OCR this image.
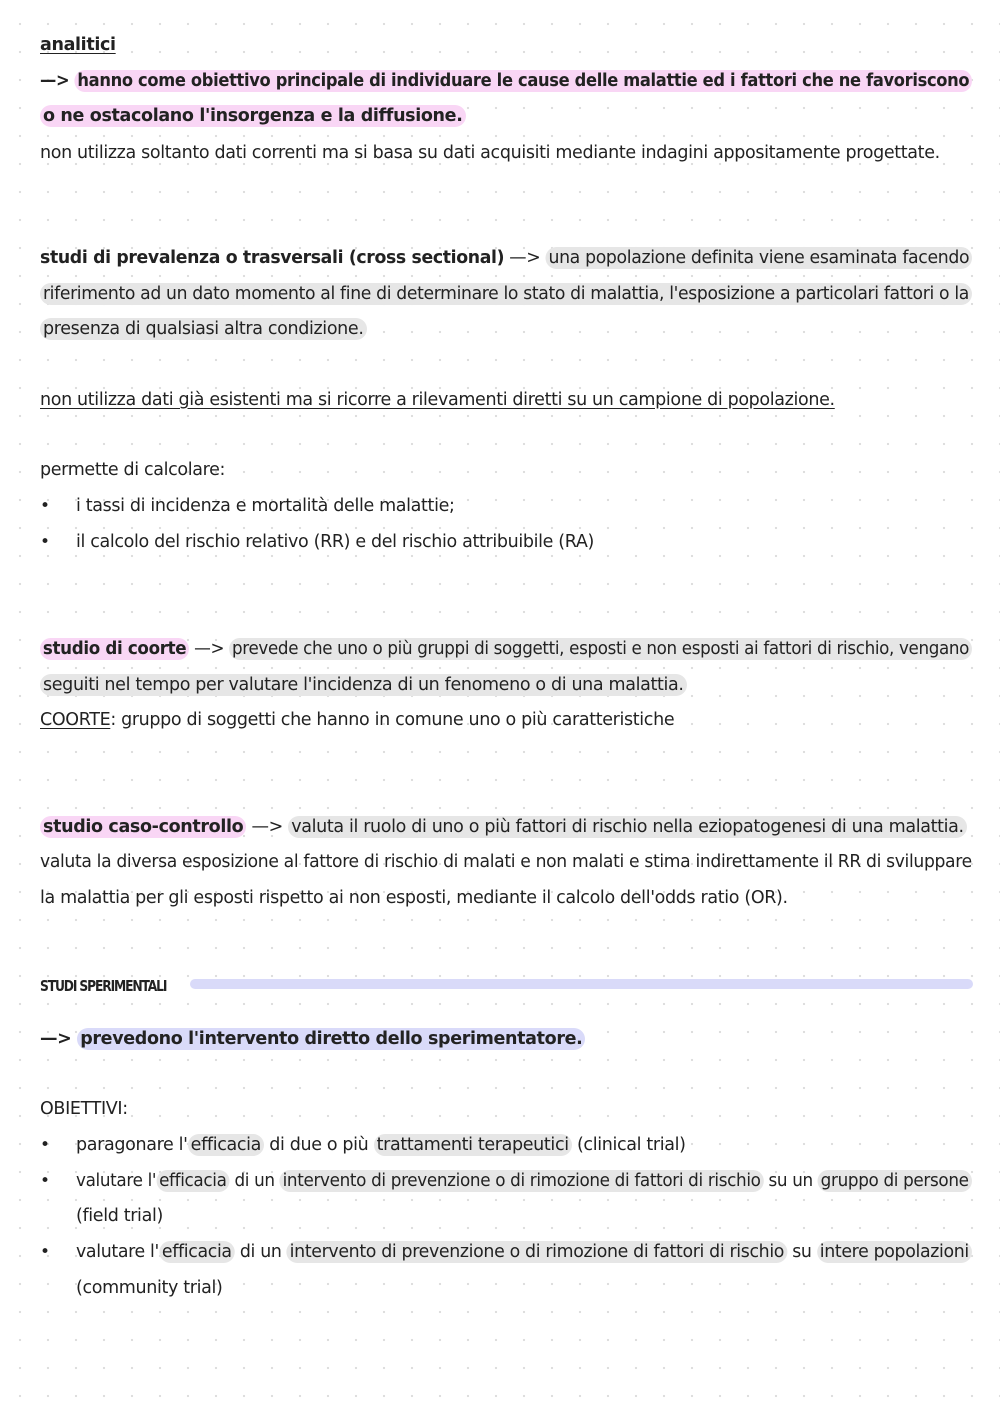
analitici
—> hanno come obiettivo principale di individuare le cause delle malattie ed i fattori che ne favoriscono
o ne ostacolano l'insorgenza e la diffusione.
non utilizza soltanto dati correnti ma si basa su dati acquisiti mediante indagini appositamente progettate.
studi di prevalenza o trasversali (cross sectional) —> una popolazione definita viene esaminata facendo
riferimento ad un dato momento al fine di determinare lo stato di malattia, l'esposizione a particolari fattori o la
presenza di qualsiasi altra condizione.
non utilizza dati già esistenti ma si ricorre a rilevamenti diretti su un campione di popolazione.
permette di calcolare:
• i tassi di incidenza e mortalità delle malattie;
• il calcolo del rischio relativo (RR) e del rischio attribuibile (RA)
studio di coorte —> prevede che uno o più gruppi di soggetti, esposti e non esposti ai fattori di rischio, vengano
seguiti nel tempo per valutare l'incidenza di un fenomeno o di una malattia.
COORTE: gruppo di soggetti che hanno in comune uno o più caratteristiche
studio caso-controllo —> valuta il ruolo di uno o più fattori di rischio nella eziopatogenesi di una malattia.
valuta la diversa esposizione al fattore di rischio di malati e non malati e stima indirettamente il RR di sviluppare
la malattia per gli esposti rispetto ai non esposti, mediante il calcolo dell'odds ratio (OR).
STUDI SPERIMENTALI
—> prevedono l'intervento diretto dello sperimentatore.
OBIETTIVI:
• paragonare l' efficacia di due o più trattamenti terapeutici (clinical trial)
• valutare l' efficacia di un intervento di prevenzione o di rimozione di fattori di rischio su un gruppo di persone
(field trial)
• valutare l' efficacia di un intervento di prevenzione o di rimozione di fattori di rischio su intere popolazioni
(community trial)
